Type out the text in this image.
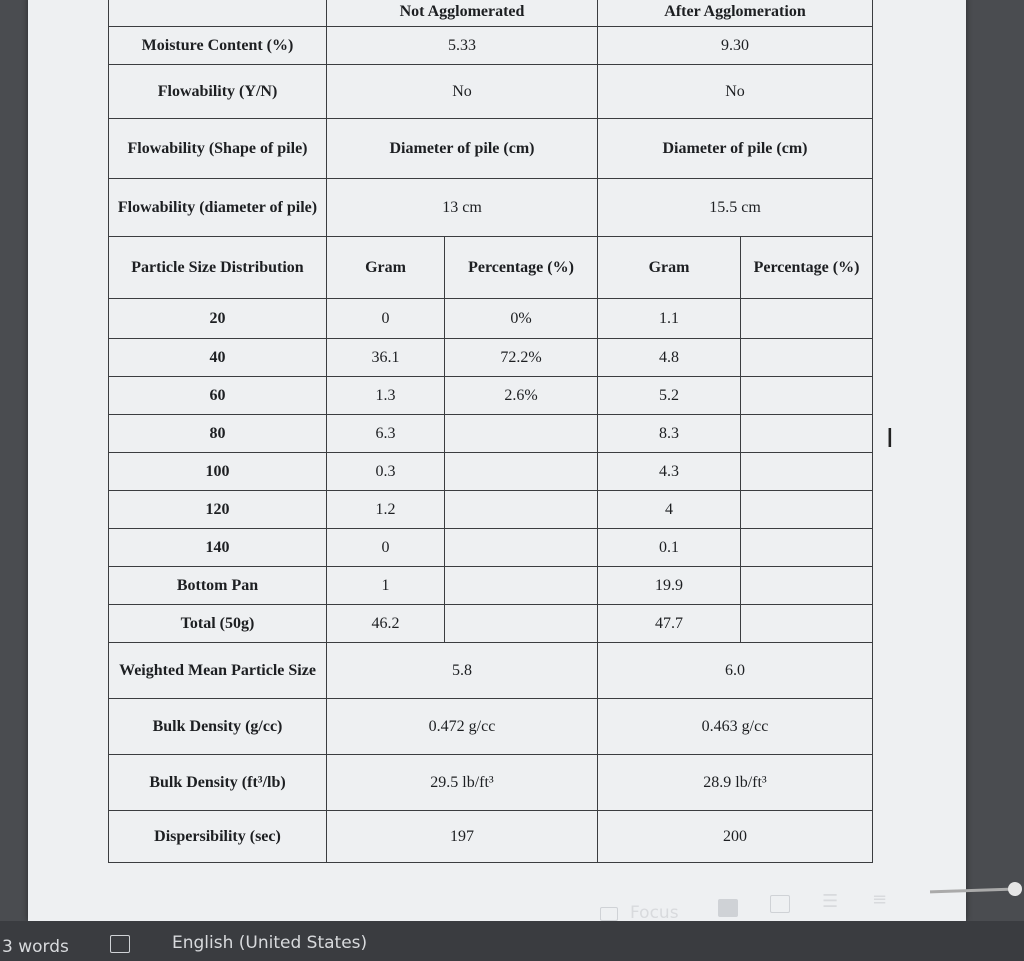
	Not Agglomerated		After Agglomeration	
Moisture Content (%)	5.33		9.30	
Flowability (Y/N)	No		No	
Flowability (Shape of pile)	Diameter of pile (cm)		Diameter of pile (cm)	
Flowability (diameter of pile)	13 cm		15.5 cm	
Particle Size Distribution	Gram	Percentage (%)	Gram	Percentage (%)
20	0	0%	1.1	
40	36.1	72.2%	4.8	
60	1.3	2.6%	5.2	
80	6.3		8.3	
100	0.3		4.3	
120	1.2		4	
140	0		0.1	
Bottom Pan	1		19.9	
Total (50g)	46.2		47.7	
Weighted Mean Particle Size	5.8		6.0	
Bulk Density (g/cc)	0.472 g/cc		0.463 g/cc	
Bulk Density (ft³/lb)	29.5 lb/ft³		28.9 lb/ft³	
Dispersibility (sec)	197		200	
I
3 words	English (United States)
Focus
☰ ≡
